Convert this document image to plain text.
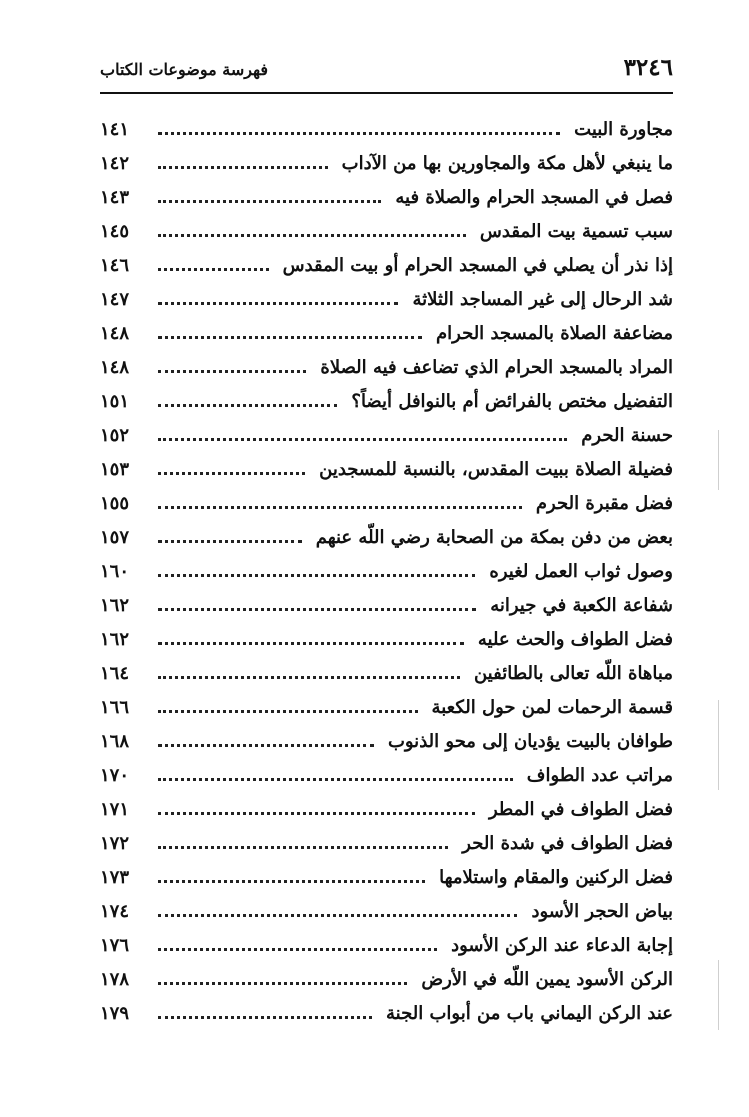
٣٢٤٦
فهرسة موضوعات الكتاب
مجاورة البيت
١٤١
ما ينبغي لأهل مكة والمجاورين بها من الآداب
١٤٢
فصل في المسجد الحرام والصلاة فيه
١٤٣
سبب تسمية بيت المقدس
١٤٥
إذا نذر أن يصلي في المسجد الحرام أو بيت المقدس
١٤٦
شد الرحال إلى غير المساجد الثلاثة
١٤٧
مضاعفة الصلاة بالمسجد الحرام
١٤٨
المراد بالمسجد الحرام الذي تضاعف فيه الصلاة
١٤٨
التفضيل مختص بالفرائض أم بالنوافل أيضاً؟
١٥١
حسنة الحرم
١٥٢
فضيلة الصلاة ببيت المقدس، بالنسبة للمسجدين
١٥٣
فضل مقبرة الحرم
١٥٥
بعض من دفن بمكة من الصحابة رضي اللّه عنهم
١٥٧
وصول ثواب العمل لغيره
١٦٠
شفاعة الكعبة في جيرانه
١٦٢
فضل الطواف والحث عليه
١٦٢
مباهاة اللّه تعالى بالطائفين
١٦٤
قسمة الرحمات لمن حول الكعبة
١٦٦
طوافان بالبيت يؤديان إلى محو الذنوب
١٦٨
مراتب عدد الطواف
١٧٠
فضل الطواف في المطر
١٧١
فضل الطواف في شدة الحر
١٧٢
فضل الركنين والمقام واستلامها
١٧٣
بياض الحجر الأسود
١٧٤
إجابة الدعاء عند الركن الأسود
١٧٦
الركن الأسود يمين اللّه في الأرض
١٧٨
عند الركن اليماني باب من أبواب الجنة
١٧٩
